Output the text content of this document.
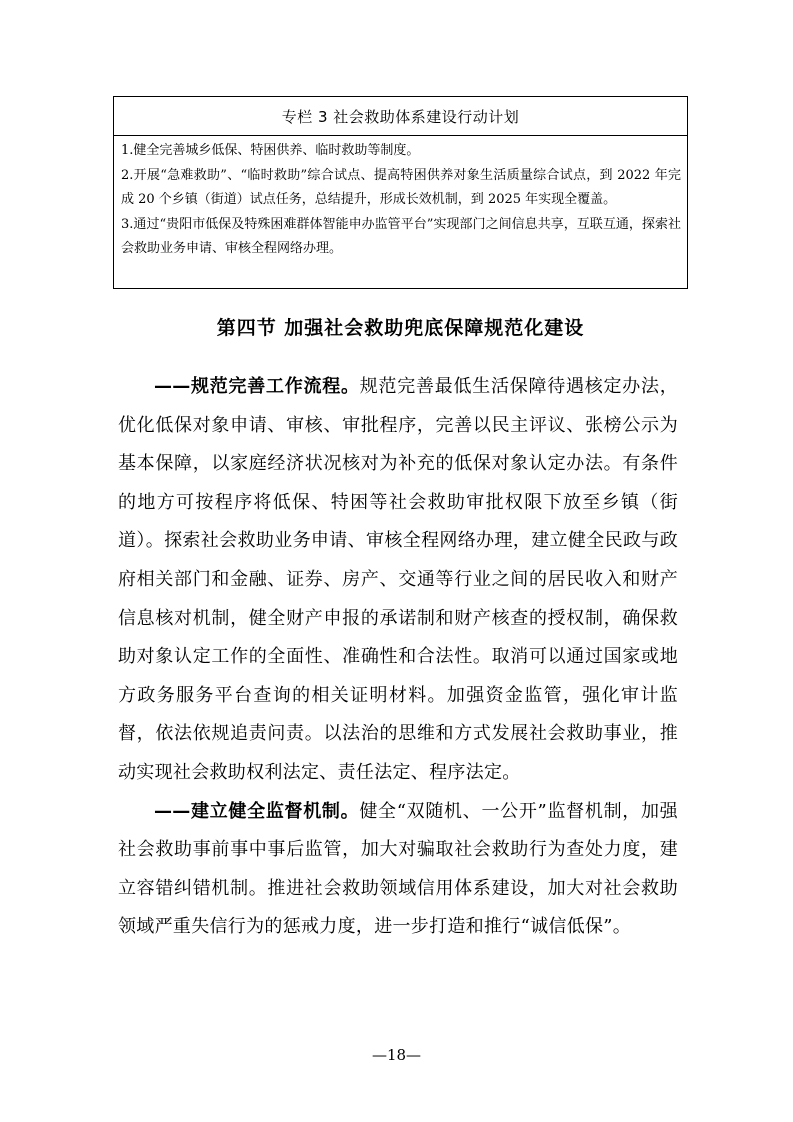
专栏 3 社会救助体系建设行动计划

1.健全完善城乡低保、特困供养、临时救助等制度。

2.开展“急难救助”、“临时救助”综合试点、提高特困供养对象生活质量综合试点，到 2022 年完成 20 个乡镇（街道）试点任务，总结提升，形成长效机制，到 2025 年实现全覆盖。

3.通过“贵阳市低保及特殊困难群体智能申办监管平台”实现部门之间信息共享，互联互通，探索社会救助业务申请、审核全程网络办理。

第四节 加强社会救助兜底保障规范化建设

——规范完善工作流程。规范完善最低生活保障待遇核定办法，优化低保对象申请、审核、审批程序，完善以民主评议、张榜公示为基本保障，以家庭经济状况核对为补充的低保对象认定办法。有条件的地方可按程序将低保、特困等社会救助审批权限下放至乡镇（街道）。探索社会救助业务申请、审核全程网络办理，建立健全民政与政府相关部门和金融、证券、房产、交通等行业之间的居民收入和财产信息核对机制，健全财产申报的承诺制和财产核查的授权制，确保救助对象认定工作的全面性、准确性和合法性。取消可以通过国家或地方政务服务平台查询的相关证明材料。加强资金监管，强化审计监督，依法依规追责问责。以法治的思维和方式发展社会救助事业，推动实现社会救助权利法定、责任法定、程序法定。

——建立健全监督机制。健全“双随机、一公开”监督机制，加强社会救助事前事中事后监管，加大对骗取社会救助行为查处力度，建立容错纠错机制。推进社会救助领域信用体系建设，加大对社会救助领域严重失信行为的惩戒力度，进一步打造和推行“诚信低保”。

—18—
